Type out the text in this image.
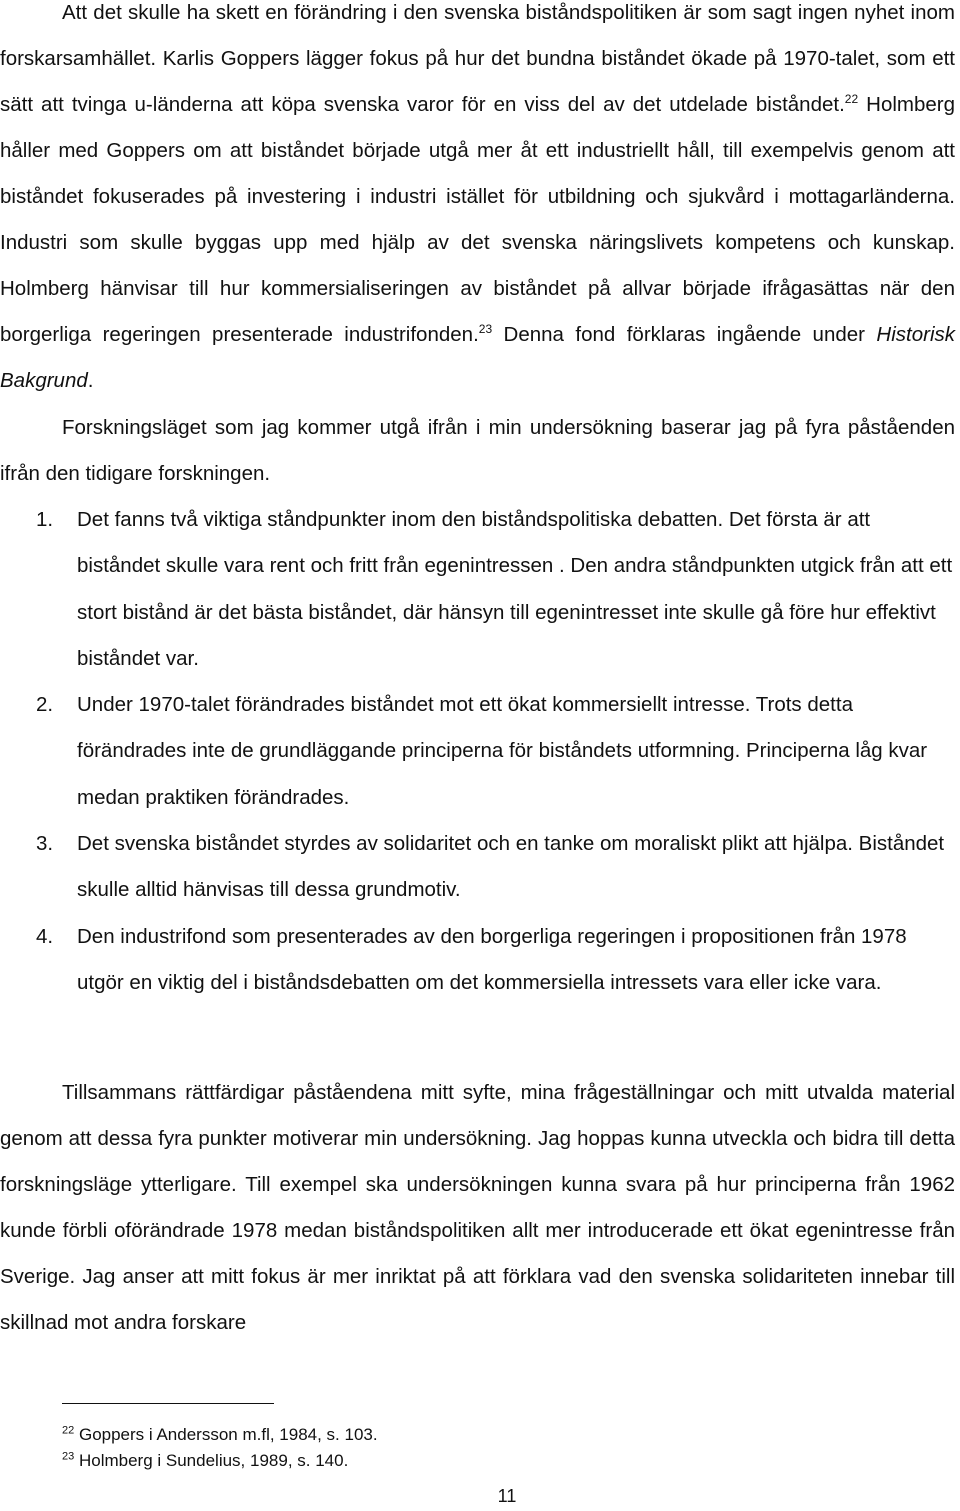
Att det skulle ha skett en förändring i den svenska biståndspolitiken är som sagt ingen nyhet inom forskarsamhället. Karlis Goppers lägger fokus på hur det bundna biståndet ökade på 1970-talet, som ett sätt att tvinga u-länderna att köpa svenska varor för en viss del av det utdelade biståndet.$^{22}$ Holmberg håller med Goppers om att biståndet började utgå mer åt ett industriellt håll, till exempelvis genom att biståndet fokuserades på investering i industri istället för utbildning och sjukvård i mottagarländerna. Industri som skulle byggas upp med hjälp av det svenska näringslivets kompetens och kunskap. Holmberg hänvisar till hur kommersialiseringen av biståndet på allvar började ifrågasättas när den borgerliga regeringen presenterade industrifonden.$^{23}$ Denna fond förklaras ingående under Historisk Bakgrund.

Forskningsläget som jag kommer utgå ifrån i min undersökning baserar jag på fyra påståenden ifrån den tidigare forskningen.

1. Det fanns två viktiga ståndpunkter inom den biståndspolitiska debatten. Det första är att biståndet skulle vara rent och fritt från egenintressen . Den andra ståndpunkten utgick från att ett stort bistånd är det bästa biståndet, där hänsyn till egenintresset inte skulle gå före hur effektivt biståndet var.
2. Under 1970-talet förändrades biståndet mot ett ökat kommersiellt intresse. Trots detta förändrades inte de grundläggande principerna för biståndets utformning. Principerna låg kvar medan praktiken förändrades.
3. Det svenska biståndet styrdes av solidaritet och en tanke om moraliskt plikt att hjälpa. Biståndet skulle alltid hänvisas till dessa grundmotiv.
4. Den industrifond som presenterades av den borgerliga regeringen i propositionen från 1978 utgör en viktig del i biståndsdebatten om det kommersiella intressets vara eller icke vara.

Tillsammans rättfärdigar påståendena mitt syfte, mina frågeställningar och mitt utvalda material genom att dessa fyra punkter motiverar min undersökning. Jag hoppas kunna utveckla och bidra till detta forskningsläge ytterligare. Till exempel ska undersökningen kunna svara på hur principerna från 1962 kunde förbli oförändrade 1978 medan biståndspolitiken allt mer introducerade ett ökat egenintresse från Sverige. Jag anser att mitt fokus är mer inriktat på att förklara vad den svenska solidariteten innebar till skillnad mot andra forskare

$^{22}$ Goppers i Andersson m.fl, 1984, s. 103.
$^{23}$ Holmberg i Sundelius, 1989, s. 140.
11
